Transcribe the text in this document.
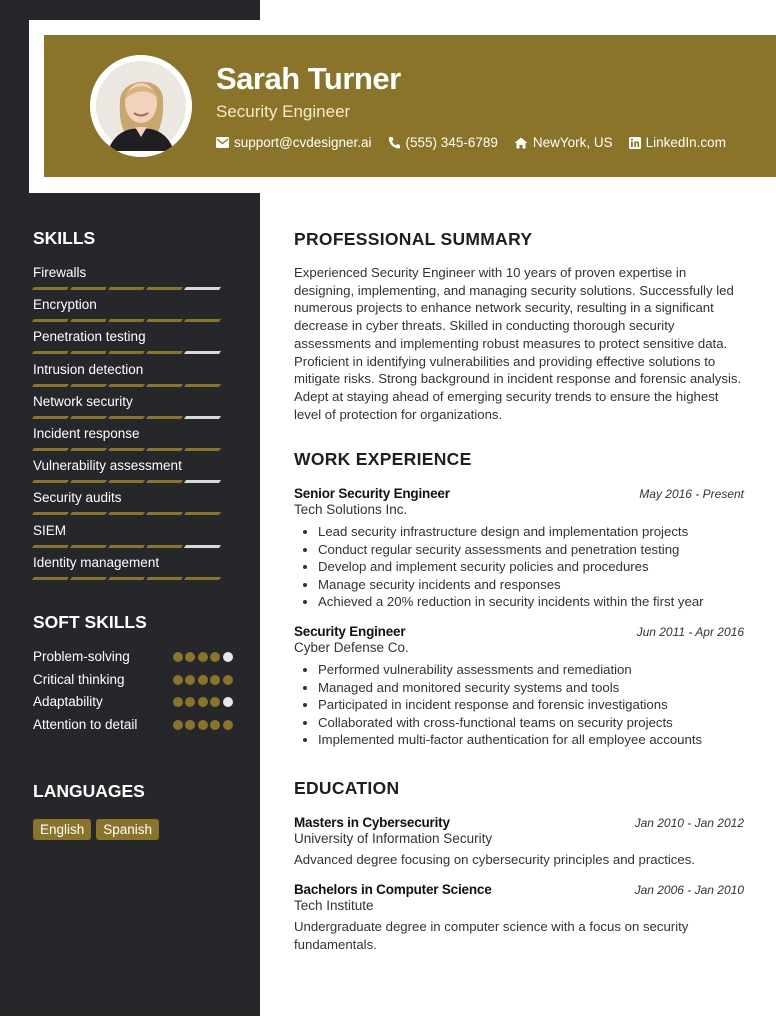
Sarah Turner
Security Engineer
support@cvdesigner.ai	(555) 345-6789	NewYork, US LinkedIn.com
SKILLS
Firewalls
Encryption
Penetration testing
Intrusion detection
Network security
Incident response
Vulnerability assessment
Security audits
SIEM
Identity management
SOFT SKILLS
Problem-solving
Critical thinking
Adaptability
Attention to detail
LANGUAGES
English	Spanish
PROFESSIONAL SUMMARY
Experienced Security Engineer with 10 years of proven expertise in designing, implementing, and managing security solutions. Successfully led numerous projects to enhance network security, resulting in a significant decrease in cyber threats. Skilled in conducting thorough security assessments and implementing robust measures to protect sensitive data. Proficient in identifying vulnerabilities and providing effective solutions to mitigate risks. Strong background in incident response and forensic analysis. Adept at staying ahead of emerging security trends to ensure the highest level of protection for organizations.
WORK EXPERIENCE
Senior Security Engineer	May 2016 - Present
Tech Solutions Inc.
• Lead security infrastructure design and implementation projects
• Conduct regular security assessments and penetration testing
• Develop and implement security policies and procedures
• Manage security incidents and responses
• Achieved a 20% reduction in security incidents within the first year
Security Engineer	Jun 2011 - Apr 2016
Cyber Defense Co.
• Performed vulnerability assessments and remediation
• Managed and monitored security systems and tools
• Participated in incident response and forensic investigations
• Collaborated with cross-functional teams on security projects
• Implemented multi-factor authentication for all employee accounts
EDUCATION
Masters in Cybersecurity	Jan 2010 - Jan 2012
University of Information Security
Advanced degree focusing on cybersecurity principles and practices.
Bachelors in Computer Science	Jan 2006 - Jan 2010
Tech Institute
Undergraduate degree in computer science with a focus on security fundamentals.
